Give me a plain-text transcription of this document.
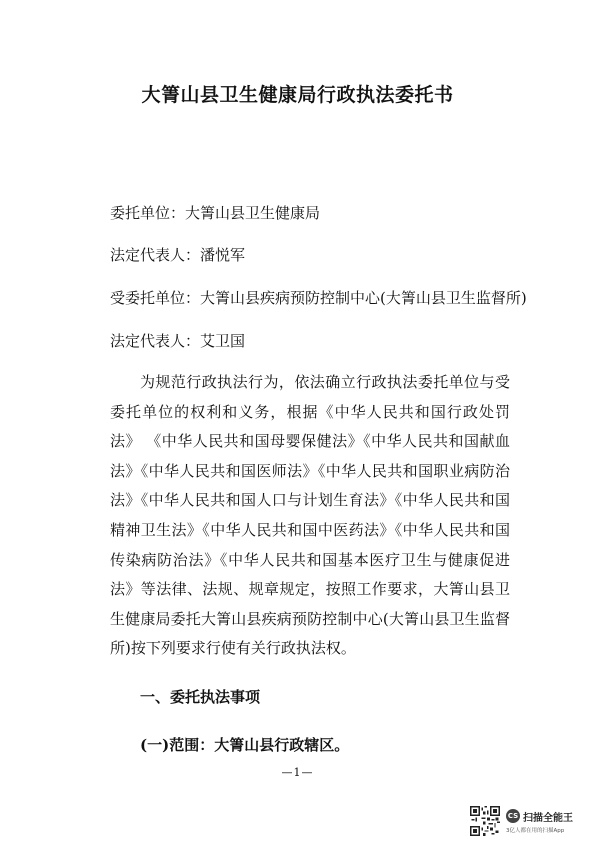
大箐山县卫生健康局行政执法委托书
委托单位：大箐山县卫生健康局
法定代表人：潘悦军
受委托单位：大箐山县疾病预防控制中心(大箐山县卫生监督所)
法定代表人：艾卫国
为规范行政执法行为，依法确立行政执法委托单位与受 委托单位的权利和义务，根据《中华人民共和国行政处罚法》 《中华人民共和国母婴保健法》《中华人民共和国献血法》《中华人民共和国医师法》《中华人民共和国职业病防治法》《中华人民共和国人口与计划生育法》《中华人民共和国精神卫生法》《中华人民共和国中医药法》《中华人民共和国传染病防治法》《中华人民共和国基本医疗卫生与健康促进法》等法律、法规、规章规定，按照工作要求，大箐山县卫生健康局委托大箐山县疾病预防控制中心(大箐山县卫生监督所)按下列要求行使有关行政执法权。
一、委托执法事项
(一)范围：大箐山县行政辖区。
—1—
CS 扫描全能王
3亿人都在用的扫描App
